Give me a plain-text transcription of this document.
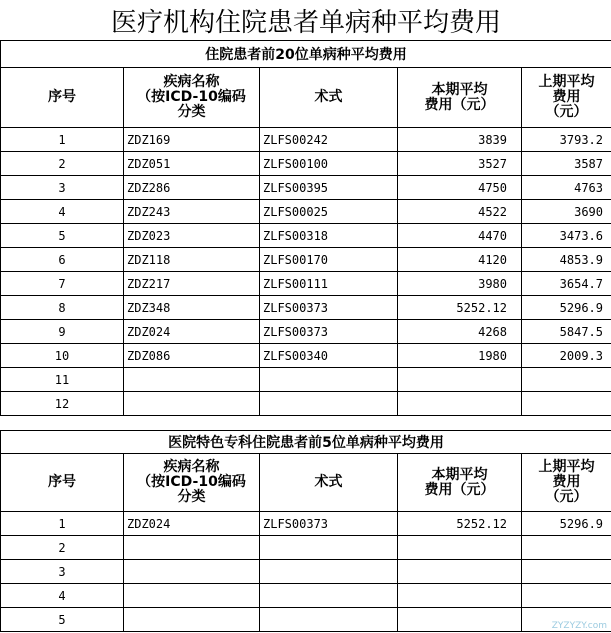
医疗机构住院患者单病种平均费用				
住院患者前20位单病种平均费用				
序号	疾病名称
（按ICD-10编码
分类	术式	本期平均
费用（元）	上期平均
费用
（元）

1	ZDZ169	ZLFS00242	3839	3793.2
2	ZDZ051	ZLFS00100	3527	3587
3	ZDZ286	ZLFS00395	4750	4763
4	ZDZ243	ZLFS00025	4522	3690
5	ZDZ023	ZLFS00318	4470	3473.6
6	ZDZ118	ZLFS00170	4120	4853.9
7	ZDZ217	ZLFS00111	3980	3654.7
8	ZDZ348	ZLFS00373	5252.12	5296.9
9	ZDZ024	ZLFS00373	4268	5847.5
10	ZDZ086	ZLFS00340	1980	2009.3
11				
12				
医院特色专科住院患者前5位单病种平均费用				
序号	疾病名称
（按ICD-10编码
分类	术式	本期平均
费用（元）	上期平均
费用
（元）

1	ZDZ024	ZLFS00373	5252.12	5296.9
2				
3				
4				
5					ZYZYZY.com
